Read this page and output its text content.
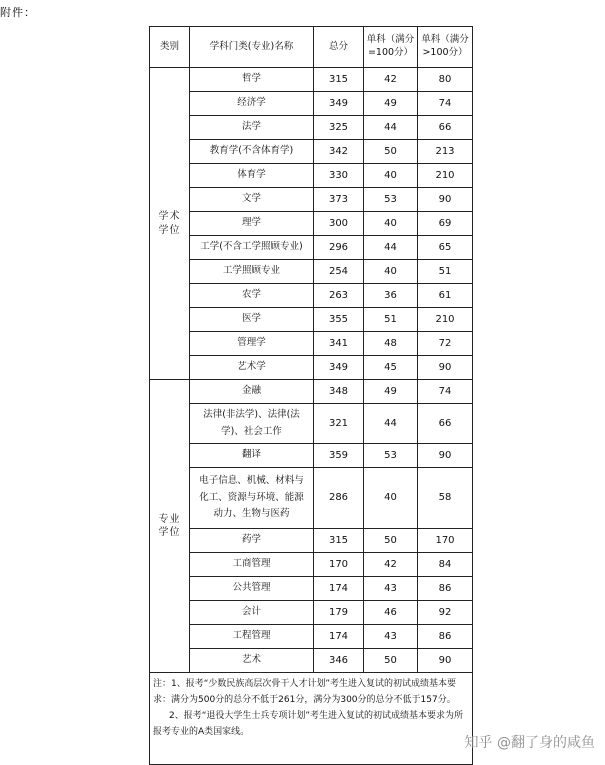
附件：
类别	学科门类(专业)名称	总分	单科（满分=100分）	单科（满分>100分）

学术
学位	哲学	315	42	80
	经济学	349	49	74
	法学	325	44	66
	教育学(不含体育学)	342	50	213
	体育学	330	40	210
	文学	373	53	90
	理学	300	40	69
	工学(不含工学照顾专业)	296	44	65
	工学照顾专业	254	40	51
	农学	263	36	61
	医学	355	51	210
	管理学	341	48	72
	艺术学	349	45	90

专业
学位	金融	348	49	74
	法律(非法学)、法律(法学)、社会工作	321	44	66
	翻译	359	53	90
	电子信息、机械、材料与化工、资源与环境、能源动力、生物与医药	286	40	58
	药学	315	50	170
	工商管理	170	42	84
	公共管理	174	43	86
	会计	179	46	92
	工程管理	174	43	86
	艺术	346	50	90

注：1、报考“少数民族高层次骨干人才计划”考生进入复试的初试成绩基本要求：满分为500分的总分不低于261分，满分为300分的总分不低于157分。

2、报考“退役大学生士兵专项计划”考生进入复试的初试成绩基本要求为所报考专业的A类国家线。				

知乎 @翻了身的咸鱼
